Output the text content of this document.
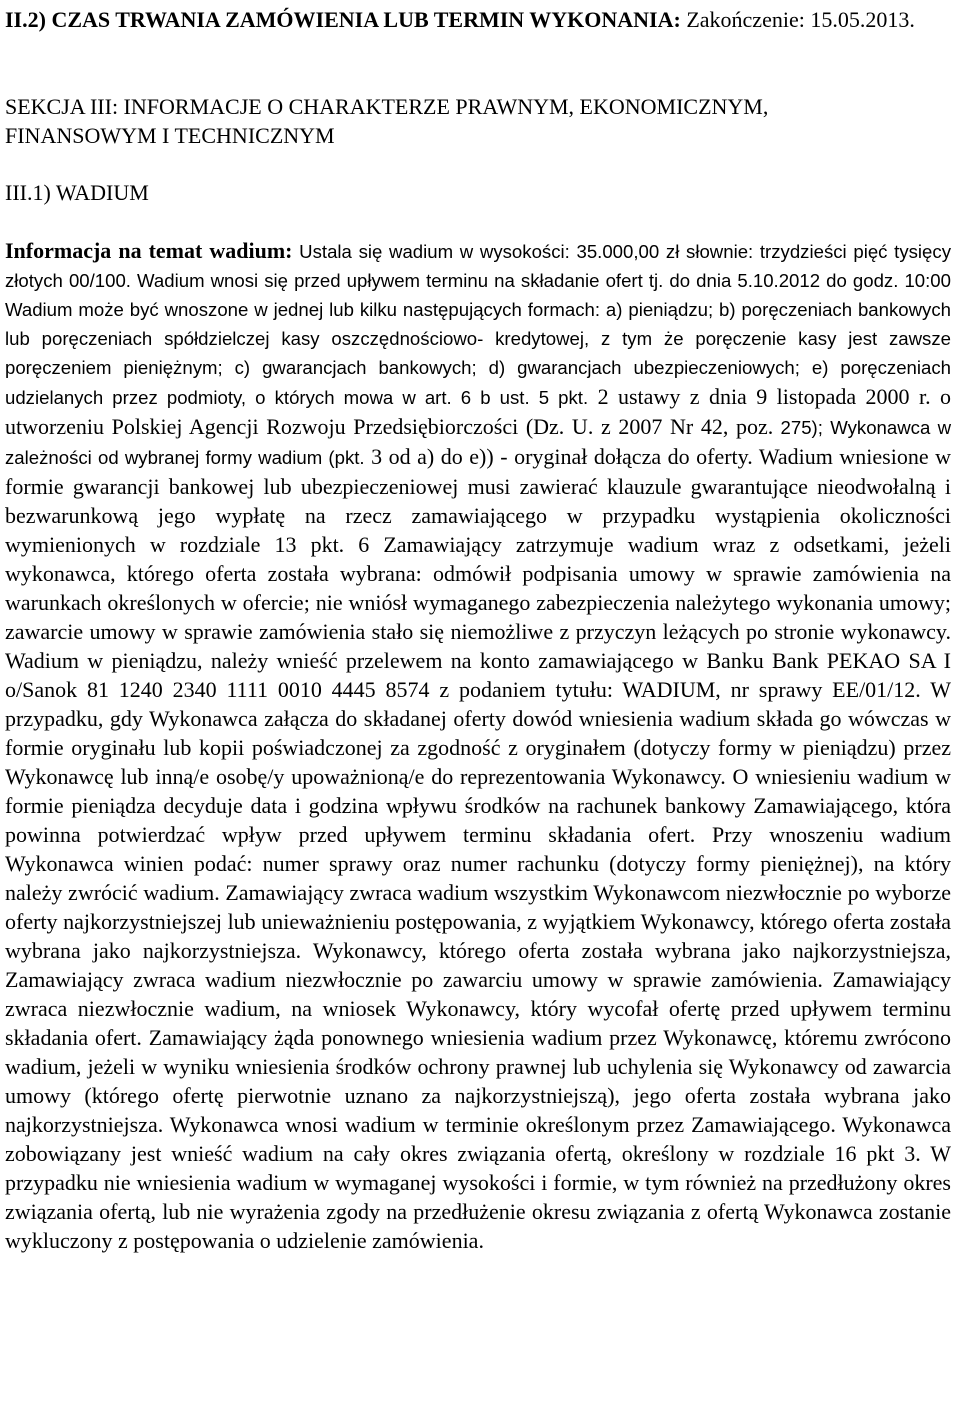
II.2) CZAS TRWANIA ZAMÓWIENIA LUB TERMIN WYKONANIA: Zakończenie: 15.05.2013.

SEKCJA III: INFORMACJE O CHARAKTERZE PRAWNYM, EKONOMICZNYM, FINANSOWYM I TECHNICZNYM

III.1) WADIUM

Informacja na temat wadium: Ustala się wadium w wysokości: 35.000,00 zł słownie: trzydzieści pięć tysięcy złotych 00/100. Wadium wnosi się przed upływem terminu na składanie ofert tj. do dnia 5.10.2012 do godz. 10:00 Wadium może być wnoszone w jednej lub kilku następujących formach: a) pieniądzu; b) poręczeniach bankowych lub poręczeniach spółdzielczej kasy oszczędnościowo- kredytowej, z tym że poręczenie kasy jest zawsze poręczeniem pieniężnym; c) gwarancjach bankowych; d) gwarancjach ubezpieczeniowych; e) poręczeniach udzielanych przez podmioty, o których mowa w art. 6 b ust. 5 pkt. 2 ustawy z dnia 9 listopada 2000 r. o utworzeniu Polskiej Agencji Rozwoju Przedsiębiorczości (Dz. U. z 2007 Nr 42, poz. 275); Wykonawca w zależności od wybranej formy wadium (pkt. 3 od a) do e)) - oryginał dołącza do oferty. Wadium wniesione w formie gwarancji bankowej lub ubezpieczeniowej musi zawierać klauzule gwarantujące nieodwołalną i bezwarunkową jego wypłatę na rzecz zamawiającego w przypadku wystąpienia okoliczności wymienionych w rozdziale 13 pkt. 6 Zamawiający zatrzymuje wadium wraz z odsetkami, jeżeli wykonawca, którego oferta została wybrana: odmówił podpisania umowy w sprawie zamówienia na warunkach określonych w ofercie; nie wniósł wymaganego zabezpieczenia należytego wykonania umowy; zawarcie umowy w sprawie zamówienia stało się niemożliwe z przyczyn leżących po stronie wykonawcy. Wadium w pieniądzu, należy wnieść przelewem na konto zamawiającego w Banku Bank PEKAO SA I o/Sanok 81 1240 2340 1111 0010 4445 8574 z podaniem tytułu: WADIUM, nr sprawy EE/01/12. W przypadku, gdy Wykonawca załącza do składanej oferty dowód wniesienia wadium składa go wówczas w formie oryginału lub kopii poświadczonej za zgodność z oryginałem (dotyczy formy w pieniądzu) przez Wykonawcę lub inną/e osobę/y upoważnioną/e do reprezentowania Wykonawcy. O wniesieniu wadium w formie pieniądza decyduje data i godzina wpływu środków na rachunek bankowy Zamawiającego, która powinna potwierdzać wpływ przed upływem terminu składania ofert. Przy wnoszeniu wadium Wykonawca winien podać: numer sprawy oraz numer rachunku (dotyczy formy pieniężnej), na który należy zwrócić wadium. Zamawiający zwraca wadium wszystkim Wykonawcom niezwłocznie po wyborze oferty najkorzystniejszej lub unieważnieniu postępowania, z wyjątkiem Wykonawcy, którego oferta została wybrana jako najkorzystniejsza. Wykonawcy, którego oferta została wybrana jako najkorzystniejsza, Zamawiający zwraca wadium niezwłocznie po zawarciu umowy w sprawie zamówienia. Zamawiający zwraca niezwłocznie wadium, na wniosek Wykonawcy, który wycofał ofertę przed upływem terminu składania ofert. Zamawiający żąda ponownego wniesienia wadium przez Wykonawcę, któremu zwrócono wadium, jeżeli w wyniku wniesienia środków ochrony prawnej lub uchylenia się Wykonawcy od zawarcia umowy (którego ofertę pierwotnie uznano za najkorzystniejszą), jego oferta została wybrana jako najkorzystniejsza. Wykonawca wnosi wadium w terminie określonym przez Zamawiającego. Wykonawca zobowiązany jest wnieść wadium na cały okres związania ofertą, określony w rozdziale 16 pkt 3. W przypadku nie wniesienia wadium w wymaganej wysokości i formie, w tym również na przedłużony okres związania ofertą, lub nie wyrażenia zgody na przedłużenie okresu związania z ofertą Wykonawca zostanie wykluczony z postępowania o udzielenie zamówienia.
